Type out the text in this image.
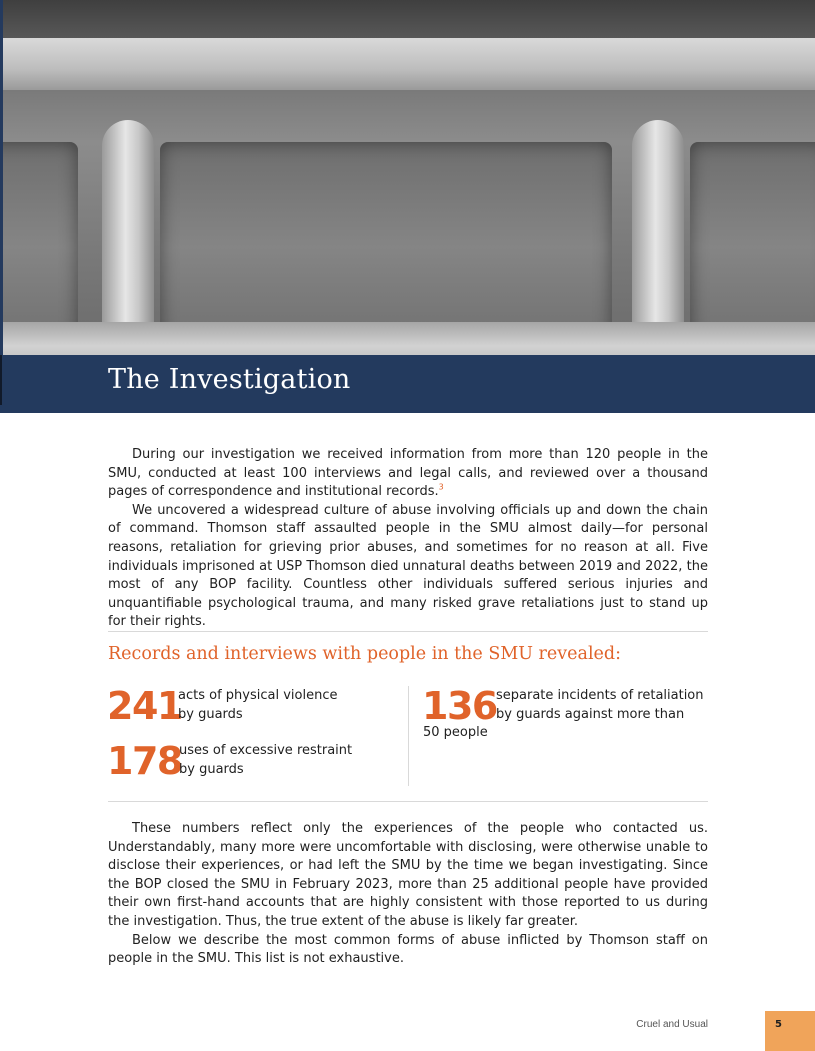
The Investigation

During our investigation we received information from more than 120 people in the SMU, conducted at least 100 interviews and legal calls, and reviewed over a thousand pages of correspondence and institutional records.$^3$

We uncovered a widespread culture of abuse involving officials up and down the chain of command. Thomson staff assaulted people in the SMU almost daily—for personal reasons, retaliation for grieving prior abuses, and sometimes for no reason at all. Five individuals imprisoned at USP Thomson died unnatural deaths between 2019 and 2022, the most of any BOP facility. Countless other individuals suffered serious injuries and unquantifiable psychological trauma, and many risked grave retaliations just to stand up for their rights.

Records and interviews with people in the SMU revealed:
241
acts of physical violence
by guards
178
uses of excessive restraint
by guards
136 separate incidents of retaliation
by guards against more than
50 people

These numbers reflect only the experiences of the people who contacted us. Understandably, many more were uncomfortable with disclosing, were otherwise unable to disclose their experiences, or had left the SMU by the time we began investigating. Since the BOP closed the SMU in February 2023, more than 25 additional people have provided their own first-hand accounts that are highly consistent with those reported to us during the investigation. Thus, the true extent of the abuse is likely far greater.

Below we describe the most common forms of abuse inflicted by Thomson staff on people in the SMU. This list is not exhaustive.

Cruel and Usual	5
